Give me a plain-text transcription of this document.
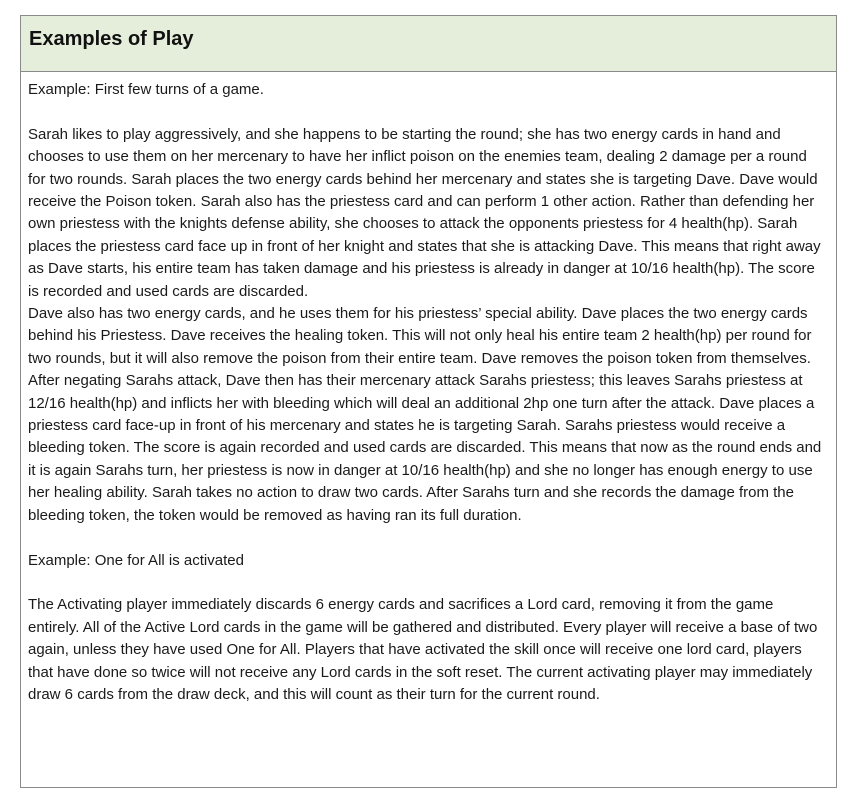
Examples of Play

Example: First few turns of a game.

Sarah likes to play aggressively, and she happens to be starting the round; she has two energy cards in hand and chooses to use them on her mercenary to have her inflict poison on the enemies team, dealing 2 damage per a round for two rounds. Sarah places the two energy cards behind her mercenary and states she is targeting Dave. Dave would receive the Poison token. Sarah also has the priestess card and can perform 1 other action. Rather than defending her own priestess with the knights defense ability, she chooses to attack the opponents priestess for 4 health(hp). Sarah places the priestess card face up in front of her knight and states that she is attacking Dave. This means that right away as Dave starts, his entire team has taken damage and his priestess is already in danger at 10/16 health(hp). The score is recorded and used cards are discarded.

Dave also has two energy cards, and he uses them for his priestess’ special ability. Dave places the two energy cards behind his Priestess. Dave receives the healing token. This will not only heal his entire team 2 health(hp) per round for two rounds, but it will also remove the poison from their entire team. Dave removes the poison token from themselves. After negating Sarahs attack, Dave then has their mercenary attack Sarahs priestess; this leaves Sarahs priestess at 12/16 health(hp) and inflicts her with bleeding which will deal an additional 2hp one turn after the attack. Dave places a priestess card face-up in front of his mercenary and states he is targeting Sarah. Sarahs priestess would receive a bleeding token. The score is again recorded and used cards are discarded. This means that now as the round ends and it is again Sarahs turn, her priestess is now in danger at 10/16 health(hp) and she no longer has enough energy to use her healing ability. Sarah takes no action to draw two cards. After Sarahs turn and she records the damage from the bleeding token, the token would be removed as having ran its full duration.

Example: One for All is activated

The Activating player immediately discards 6 energy cards and sacrifices a Lord card, removing it from the game entirely. All of the Active Lord cards in the game will be gathered and distributed. Every player will receive a base of two again, unless they have used One for All. Players that have activated the skill once will receive one lord card, players that have done so twice will not receive any Lord cards in the soft reset. The current activating player may immediately draw 6 cards from the draw deck, and this will count as their turn for the current round.
